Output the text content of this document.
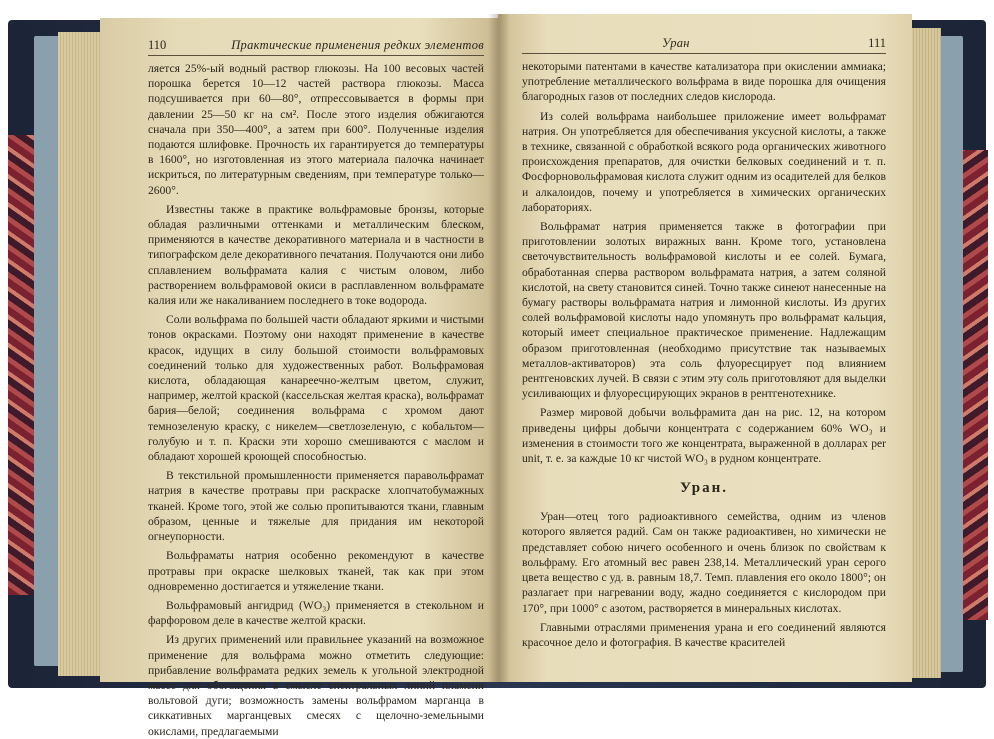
110	Практические применения редких элементов

ляется 25%-ый водный раствор глюкозы. На 100 весовых частей порошка берется 10—12 частей раствора глюкозы. Масса подсушивается при 60—80°, отпрессовывается в формы при давлении 25—50 кг на см². После этого изделия обжигаются сначала при 350—400°, а затем при 600°. Полученные изделия подаются шлифовке. Прочность их гарантируется до температуры в 1600°, но изготовленная из этого материала палочка начинает искриться, по литературным сведениям, при температуре только—2600°.

Известны также в практике вольфрамовые бронзы, которые обладая различными оттенками и металлическим блеском, применяются в качестве декоративного материала и в частности в типографском деле декоративного печатания. Получаются они либо сплавлением вольфрамата калия с чистым оловом, либо растворением вольфрамовой окиси в расплавленном вольфрамате калия или же накаливанием последнего в токе водорода.

Соли вольфрама по большей части обладают яркими и чистыми тонов окрасками. Поэтому они находят применение в качестве красок, идущих в силу большой стоимости вольфрамовых соединений только для художественных работ. Вольфрамовая кислота, обладающая канареечно-желтым цветом, служит, например, желтой краской (кассельская желтая краска), вольфрамат бария—белой; соединения вольфрама с хромом дают темнозеленую краску, с никелем—светлозеленую, с кобальтом—голубую и т. п. Краски эти хорошо смешиваются с маслом и обладают хорошей кроющей способностью.

В текстильной промышленности применяется паравольфрамат натрия в качестве протравы при раскраске хлопчатобумажных тканей. Кроме того, этой же солью пропитываются ткани, главным образом, ценные и тяжелые для придания им некоторой огнеупорности.

Вольфраматы натрия особенно рекомендуют в качестве протравы при окраске шелковых тканей, так как при этом одновременно достигается и утяжеление ткани.

Вольфрамовый ангидрид (WO₃) применяется в стекольном и фарфоровом деле в качестве желтой краски.

Из других применений или правильнее указаний на возможное применение для вольфрама можно отметить следующие: прибавление вольфрамата редких земель к угольной электродной массе для обогащения в смысле спектральных линий пламени вольтовой дуги; возможность замены вольфрамом марганца в сиккативных марганцевых смесях с щелочно-земельными окислами, предлагаемыми

Уран	111

некоторыми патентами в качестве катализатора при окислении аммиака; употребление металлического вольфрама в виде порошка для очищения благородных газов от последних следов кислорода.

Из солей вольфрама наибольшее приложение имеет вольфрамат натрия. Он употребляется для обеспечивания уксусной кислоты, а также в технике, связанной с обработкой всякого рода органических животного происхождения препаратов, для очистки белковых соединений и т. п. Фосфорновольфрамовая кислота служит одним из осадителей для белков и алкалоидов, почему и употребляется в химических органических лабораториях.

Вольфрамат натрия применяется также в фотографии при приготовлении золотых виражных ванн. Кроме того, установлена светочувствительность вольфрамовой кислоты и ее солей. Бумага, обработанная сперва раствором вольфрамата натрия, а затем соляной кислотой, на свету становится синей. Точно также синеют нанесенные на бумагу растворы вольфрамата натрия и лимонной кислоты. Из других солей вольфрамовой кислоты надо упомянуть про вольфрамат кальция, который имеет специальное практическое применение. Надлежащим образом приготовленная (необходимо присутствие так называемых металлов-активаторов) эта соль флуоресцирует под влиянием рентгеновских лучей. В связи с этим эту соль приготовляют для выделки усиливающих и флуоресцирующих экранов в рентгенотехнике.

Размер мировой добычи вольфрамита дан на рис. 12, на котором приведены цифры добычи концентрата с содержанием 60% WO₃ и изменения в стоимости того же концентрата, выраженной в долларах per unit, т. е. за каждые 10 кг чистой WO₃ в рудном концентрате.

Уран.

Уран—отец того радиоактивного семейства, одним из членов которого является радий. Сам он также радиоактивен, но химически не представляет собою ничего особенного и очень близок по свойствам к вольфраму. Его атомный вес равен 238,14. Металлический уран серого цвета вещество с уд. в. равным 18,7. Темп. плавления его около 1800°; он разлагает при нагревании воду, жадно соединяется с кислородом при 170°, при 1000° с азотом, растворяется в минеральных кислотах.

Главными отраслями применения урана и его соединений являются красочное дело и фотография. В качестве красителей
